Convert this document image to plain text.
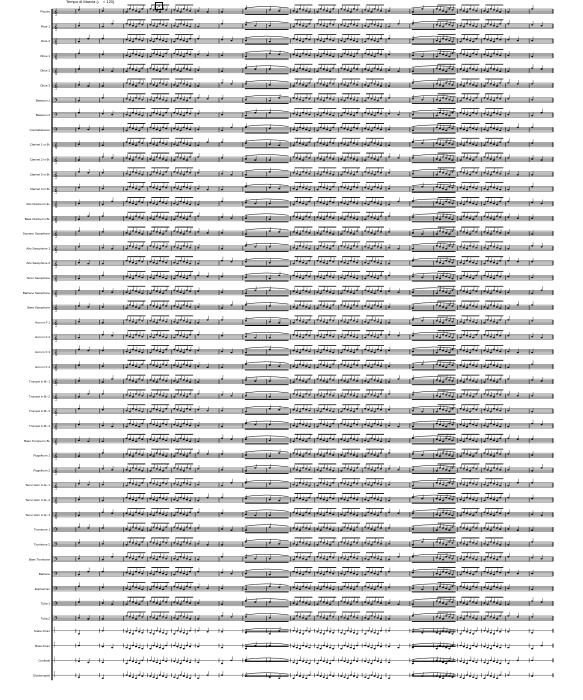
Tempo di Marcia (♩ = 120)
5
Piccolo 𝄞
Flute 1 𝄞
Flute 2 𝄞
Oboe 1 𝄞
Oboe 2 𝄞
Oboe 3 𝄞
Bassoon 1 𝄢
Bassoon 2 𝄢
Contrabassoon 𝄢
Clarinet 1 in B♭ 𝄞
Clarinet 2 in B♭ 𝄞
Clarinet 3 in B♭ 𝄞
Clarinet 4 in B♭ 𝄞
Alto Clarinet in E♭ 𝄞
Bass Clarinet in B♭ 𝄞
Soprano Saxophone 𝄞
Alto Saxophone 1 𝄞
Alto Saxophone 2 𝄞
Tenor Saxophone 𝄞
Baritone Saxophone 𝄞
Bass Saxophone 𝄞
Horn in F 1 𝄞
Horn in F 2 𝄞
Horn in F 3 𝄞
Horn in F 4 𝄞
Trumpet in B♭ 1 𝄞
Trumpet in B♭ 2 𝄞
Trumpet in B♭ 3 𝄞
Trumpet in B♭ 4 𝄞
Bass Trumpet in B♭ 𝄞
Flugelhorn 1 𝄞
Flugelhorn 2 𝄞
Tenor Horn in E♭ 1 𝄞
Tenor Horn in E♭ 2 𝄞
Tenor Horn in E♭ 3 𝄞
Trombone 1 𝄢
Trombone 2 𝄢
Bass Trombone 𝄢
Baritone 𝄢
Euphonium 𝄢
Tuba 1 𝄢
Tuba 2 𝄢
Snare Drum |
Bass Drum |
Cymbals |
Glockenspiel |
